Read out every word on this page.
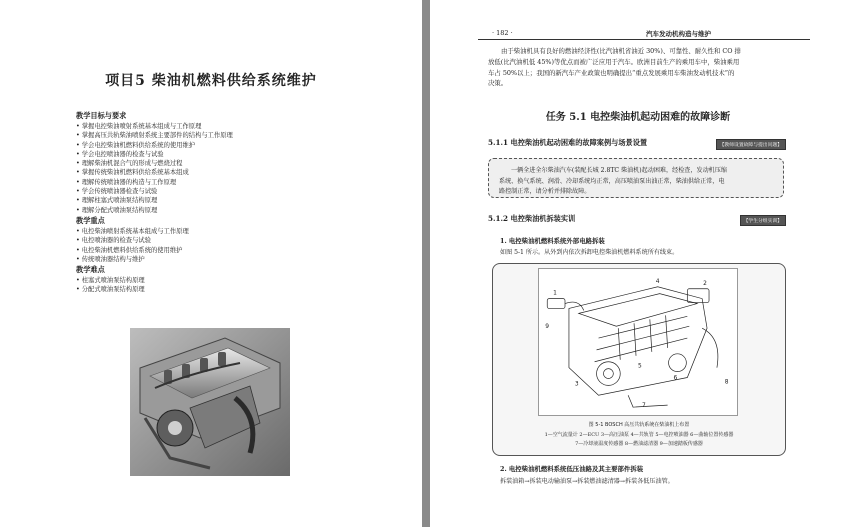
项目5 柴油机燃料供给系统维护
教学目标与要求
• 掌握电控柴油喷射系统基本组成与工作原理
• 掌握高压共轨柴油喷射系统主要部件的结构与工作原理
• 学会电控柴油机燃料供给系统的使用维护
• 学会电控喷油器的检查与试验
• 理解柴油机混合气的形成与燃烧过程
• 掌握传统柴油机燃料供给系统基本组成
• 理解传统喷油器的构造与工作原理
• 学会传统喷油器检查与试验
• 理解柱塞式喷油泵结构原理
• 理解分配式喷油泵结构原理
教学重点
• 电控柴油喷射系统基本组成与工作原理
• 电控喷油器的检查与试验
• 电控柴油机燃料供给系统的使用维护
• 传统喷油器结构与维护
教学难点
• 柱塞式喷油泵结构原理
• 分配式喷油泵结构原理
· 182 ·	汽车发动机构造与维护
由于柴油机具有良好的燃油经济性(比汽油机省油近 30%)、可靠性、耐久性和 CO 排
放低(比汽油机低 45%)等优点而被广泛应用于汽车。欧洲目前生产的乘用车中，柴油乘用
车占 50%以上；我国的新汽车产业政策也明确提出“重点发展乘用车柴油发动机技术”的
决策。
任务 5.1 电控柴油机起动困难的故障诊断
5.1.1 电控柴油机起动困难的故障案例与场景设置	【教师设置故障与提出问题】
一辆全进全尔柴油汽车(装配长城 2.8TC 柴油机)起动困难，经检查，发动机压缩
系统、换气系统、润滑、冷却系统均正常，高压喷油泵出油正常，柴油供给正常，电
路控制正常，请分析并排除故障。
5.1.2 电控柴油机拆装实训	【学生分组实训】
1. 电控柴油机燃料系统外部电路拆装
如图 5-1 所示。从外到内依次拆卸电控柴油机燃料系统所有线束。
1
2
3
4
5
6
7
8
9
图 5-1 BOSCH 高压共轨系统在柴油机上布置
1—空气流量计 2—ECU 3—高压油泵 4—共轨管 5—电控喷油器 6—曲轴位置传感器
7—冷却液温度传感器 8—燃油滤清器 9—加速踏板传感器
2. 电控柴油机燃料系统低压油路及其主要部件拆装
拆装油箱→拆装电动输油泵→拆装燃油滤清器→拆装各低压油管。
